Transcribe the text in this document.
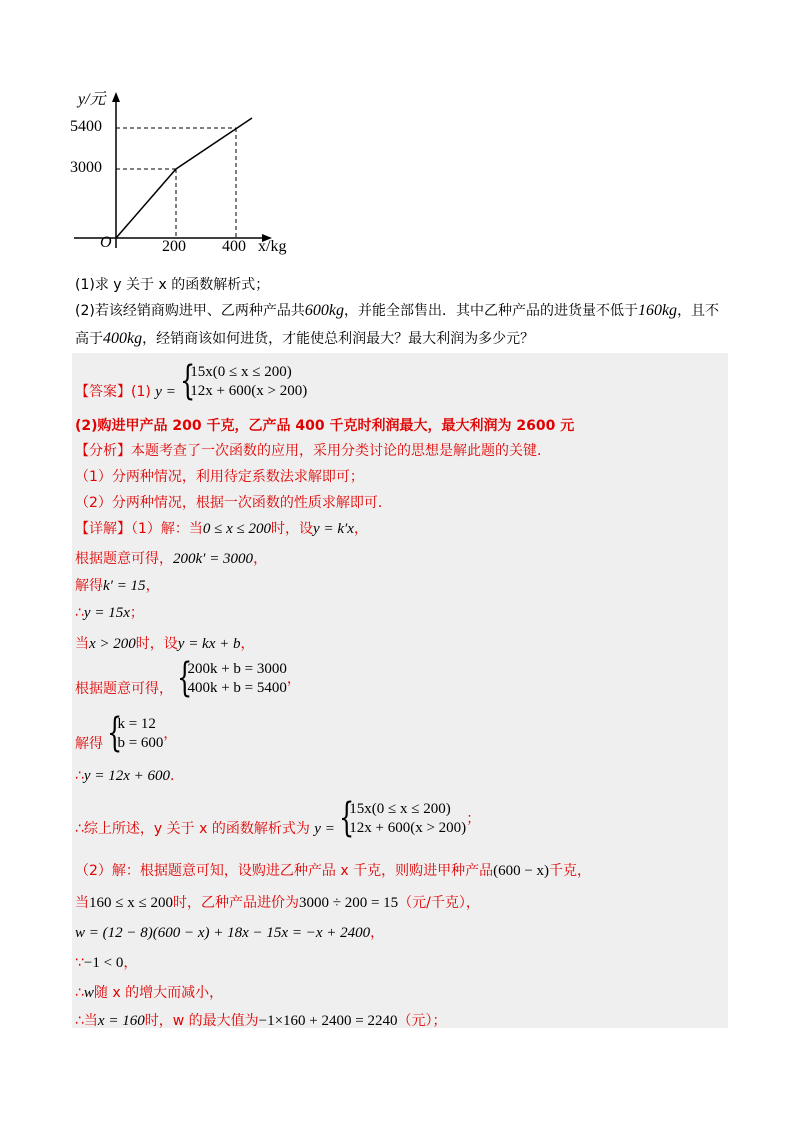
y/元
5400
3000
O	200 400 x/kg
(1)求 y 关于 x 的函数解析式；
(2)若该经销商购进甲、乙两种产品共600kg，并能全部售出．其中乙种产品的进货量不低于160kg，且不
高于400kg，经销商该如何进货，才能使总利润最大？最大利润为多少元？
【答案】(1) y = {
15x(0 ≤ x ≤ 200)
12x + 600(x > 200)
(2)购进甲产品 200 千克，乙产品 400 千克时利润最大，最大利润为 2600 元
【分析】本题考查了一次函数的应用，采用分类讨论的思想是解此题的关键．
（1）分两种情况，利用待定系数法求解即可；
（2）分两种情况，根据一次函数的性质求解即可．
【详解】（1）解：当0 ≤ x ≤ 200时，设y = k′x，
根据题意可得，200k′ = 3000，
解得k′ = 15，
∴y = 15x；
当x > 200时，设y = kx + b，
根据题意可得， {
200k + b = 3000
400k + b = 5400
，
解得 {
k = 12
b = 600
，
∴y = 12x + 600．
∴综上所述，y 关于 x 的函数解析式为 y = {
15x(0 ≤ x ≤ 200)
12x + 600(x > 200)
；
（2）解：根据题意可知，设购进乙种产品 x 千克，则购进甲种产品(600 − x)千克，
当160 ≤ x ≤ 200时，乙种产品进价为3000 ÷ 200 = 15（元/千克），
w = (12 − 8)(600 − x) + 18x − 15x = −x + 2400，
∵−1 < 0，
∴w随 x 的增大而减小，
∴当x = 160时，w 的最大值为−1×160 + 2400 = 2240（元）；
